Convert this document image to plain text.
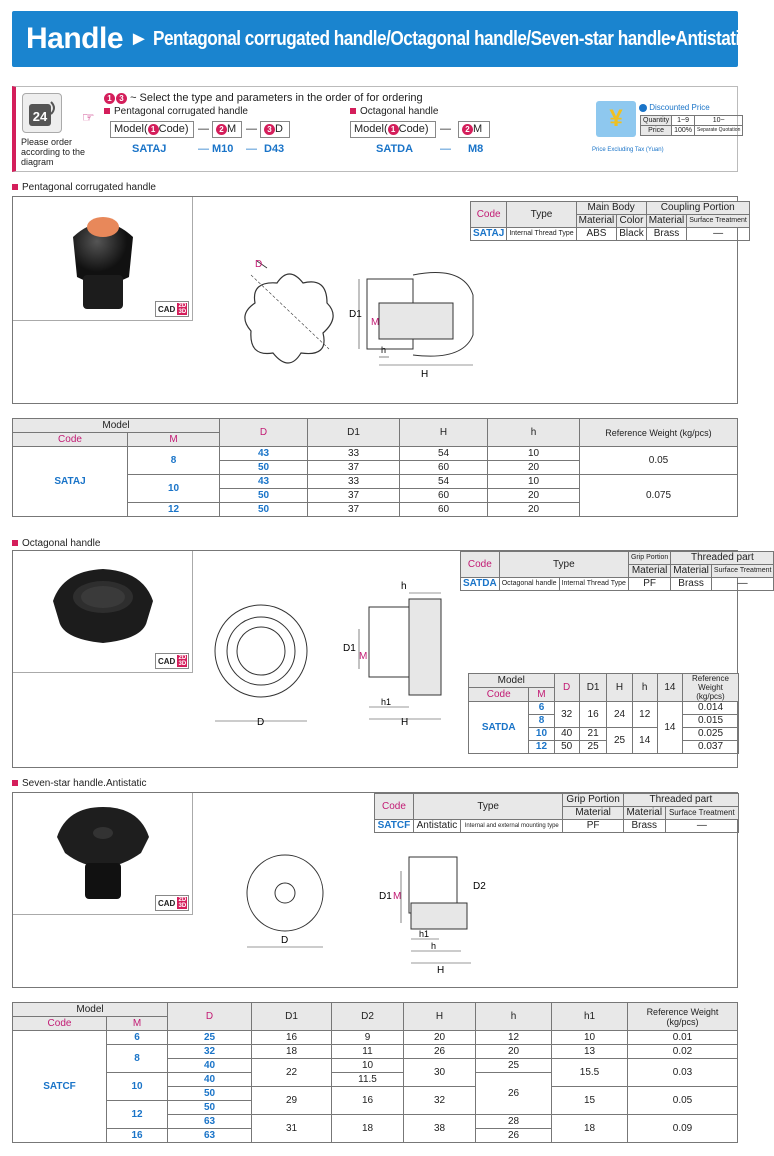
Handle ► Pentagonal corrugated handle/Octagonal handle/Seven-star handle•Antistatic
24
Please order according to the diagram
☞
1 3 ~ Select the type and parameters in the order of for ordering
Pentagonal corrugated handle
Model( 1 Code) —	2 M —	3 D
SATAJ	— M10 — D43
Octagonal handle
Model( 1 Code)	—	2 M
SATDA — M8
¥
Price Excluding Tax (Yuan)
Discounted Price
Quantity	1~9	10~
Price	100%	Separate Quotation
Pentagonal corrugated handle
CAD 2D 3D
D
D1
M
H
h
Code	Type	Main Body		Coupling Portion	
		Material	Color	Material	Surface Treatment
SATAJ	Internal Thread Type	ABS	Black	Brass	—
Model		D	D1	H	h	Reference Weight (kg/pcs)
Code	M					
SATAJ	8	43	33	54	10	0.05
		50	37	60	20	
	10	43	33	54	10	0.075
		50	37	60	20	
	12	50	37	60	20	
Octagonal handle
CAD 2D 3D
D
D1
M
h1
H
h
Code	Type		Grip Portion	Threaded part	
			Material	Material	Surface Treatment
SATDA	Octagonal handle	Internal Thread Type	PF	Brass	—
Model		D	D1	H	h	14	Reference Weight (kg/pcs)
Code	M						
SATDA	6	32	16	24	12	14	0.014
	8						0.015
	10	40	21	25	14		0.025
	12	50	25				0.037
Seven-star handle.Antistatic
CAD 2D 3D
D
D1 M
D2
h1
h
H
Code	Type		Grip Portion	Threaded part	
			Material	Material	Surface Treatment
SATCF	Antistatic	Internal and external mounting type	PF	Brass	—
Model		D	D1	D2	H	h	h1	Reference Weight (kg/pcs)
Code	M							
SATCF	6	25	16	9	20	12	10	0.01
	8	32	18	11	26	20	13	0.02
		40	22	10	30	25	15.5	0.03
	10	40		11.5		26		
		50	29	16	32		15	0.05
	12	50						
		63	31	18	38	28	18	0.09
	16	63				26		
